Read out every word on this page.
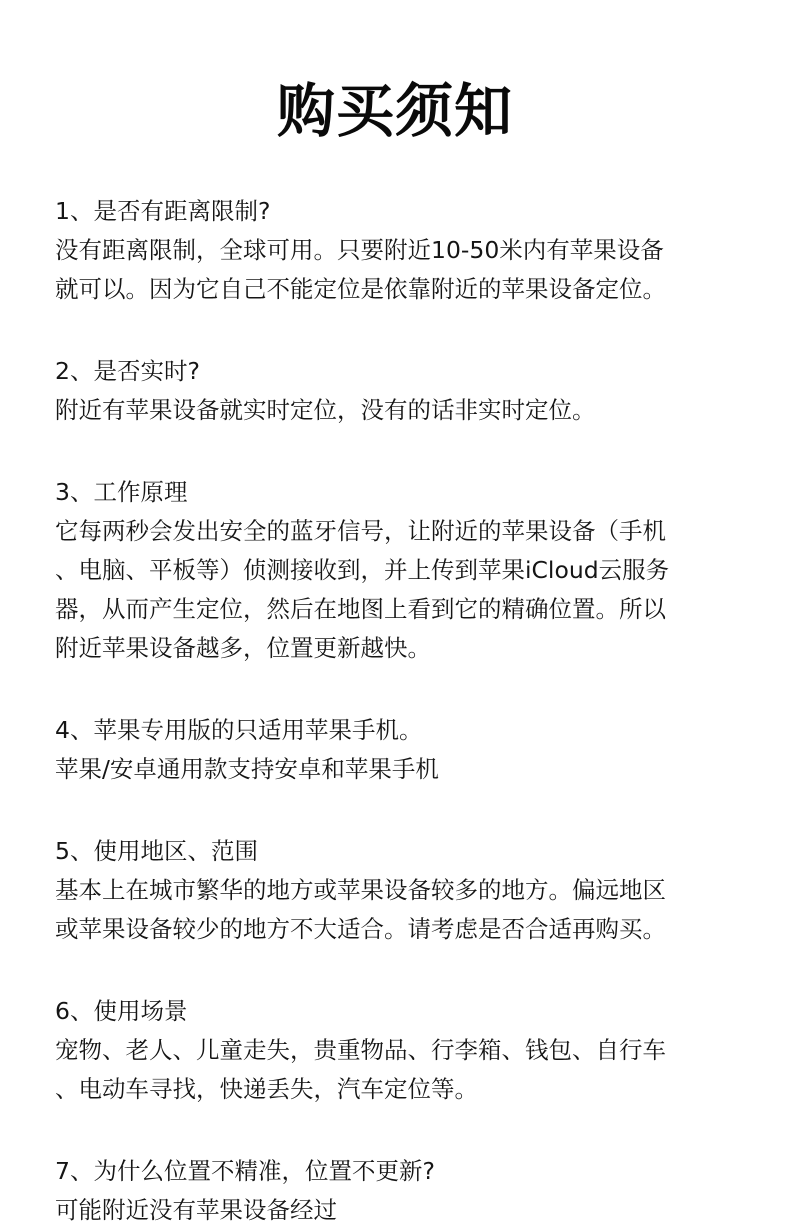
购买须知
1、是否有距离限制?
没有距离限制，全球可用。只要附近10-50米内有苹果设备
就可以。因为它自己不能定位是依靠附近的苹果设备定位。
2、是否实时?
附近有苹果设备就实时定位，没有的话非实时定位。
3、工作原理
它每两秒会发出安全的蓝牙信号，让附近的苹果设备（手机
、电脑、平板等）侦测接收到，并上传到苹果iCloud云服务
器，从而产生定位，然后在地图上看到它的精确位置。所以
附近苹果设备越多，位置更新越快。
4、苹果专用版的只适用苹果手机。
苹果/安卓通用款支持安卓和苹果手机
5、使用地区、范围
基本上在城市繁华的地方或苹果设备较多的地方。偏远地区
或苹果设备较少的地方不大适合。请考虑是否合适再购买。
6、使用场景
宠物、老人、儿童走失，贵重物品、行李箱、钱包、自行车
、电动车寻找，快递丢失，汽车定位等。
7、为什么位置不精准，位置不更新?
可能附近没有苹果设备经过
